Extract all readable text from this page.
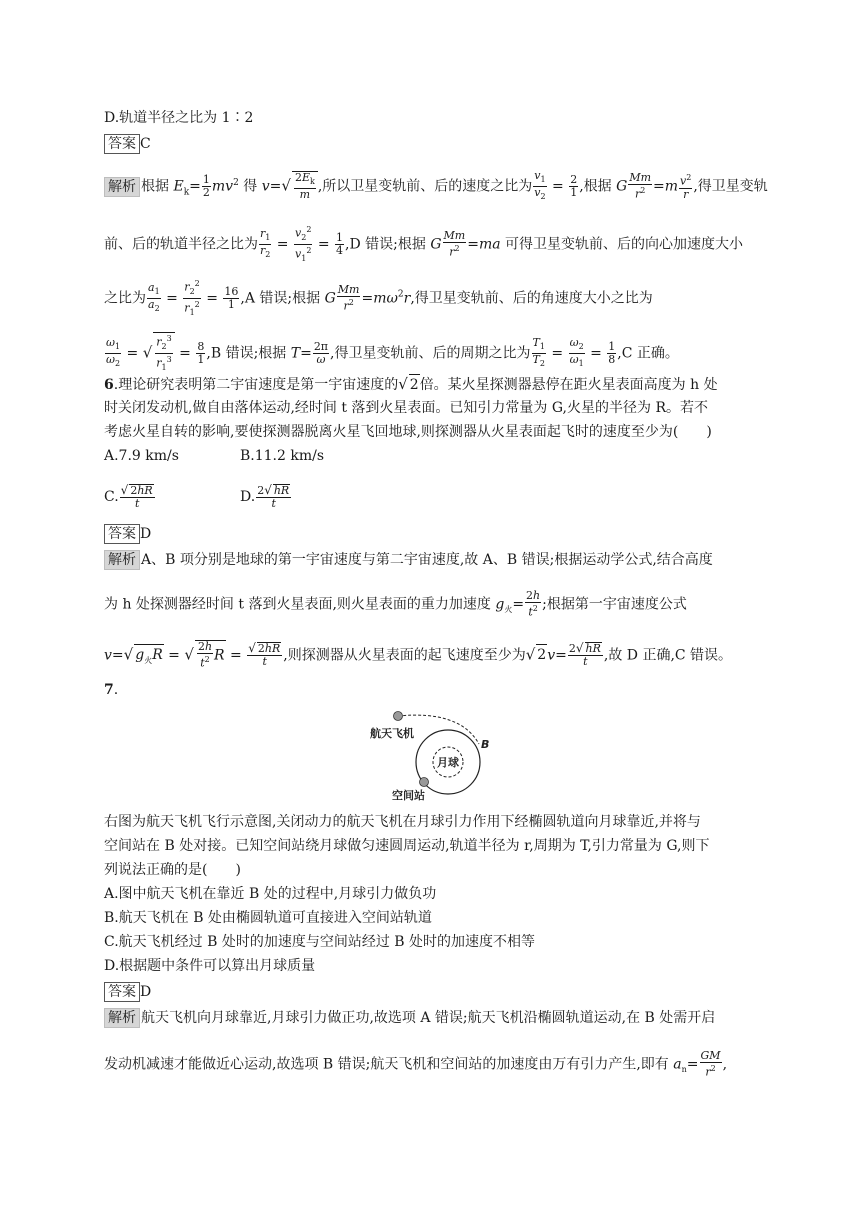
D.轨道半径之比为 1∶2
答案 C
解析 根据 $E_k= \frac{1}{2} mv^2$ 得 $v=√ \frac{2E_k}{m}$ ,所以卫星变轨前、后的速度之比为 $\frac{v_1}{v_2} = \frac{2}{1}$ ,根据 G $\frac{Mm}{r^2} =m \frac{v^2}{r}$ ,得卫星变轨
前、后的轨道半径之比为 $\frac{r_1}{r_2} = \frac{v_2^2}{v_1^2} = \frac{1}{4} ,D$ 错误;根据 G $\frac{Mm}{r^2} =ma$ 可得卫星变轨前、后的向心加速度大小
之比为 $\frac{a_1}{a_2} = \frac{r_2^2}{r_1^2} = \frac{16}{1} ,A$ 错误;根据 G $\frac{Mm}{r^2} =m\omega^2r$,得卫星变轨前、后的角速度大小之比为
$\frac{\omega_1}{\omega_2}$ = √ $\frac{r_2^3}{r_1^3} = \frac{8}{1} ,B$ 错误;根据 $T= \frac{2\pi}{\omega}$ ,得卫星变轨前、后的周期之比为 $\frac{T_1}{T_2} = \frac{\omega_2}{\omega_1} = \frac{1}{8} ,C$ 正确。
6.理论研究表明第二宇宙速度是第一宇宙速度的√ 2倍。某火星探测器悬停在距火星表面高度为 h 处
时关闭发动机,做自由落体运动,经时间 t 落到火星表面。已知引力常量为 G,火星的半径为 R。若不
考虑火星自转的影响,要使探测器脱离火星飞回地球,则探测器从火星表面起飞时的速度至少为(　　)
A.7.9 km/s	B.11.2 km/s
C. $\frac{√ 2hR}{t}$	D. $\frac{2√ hR}{t}$
答案 D
解析 A、B 项分别是地球的第一宇宙速度与第二宇宙速度,故 A、B 错误;根据运动学公式,结合高度
为 h 处探测器经时间 t 落到火星表面,则火星表面的重力加速度 $g_火= \frac{2h}{t^2}$ ;根据第一宇宙速度公式
v=√ $g_火R$ = √ $\frac{2h}{t^2}$ $R = \frac{√ 2hR}{t}$ ,则探测器从火星表面的起飞速度至少为√ $2v= \frac{2√ hR}{t}$ ,故 D 正确,C 错误。
7.
航天飞机
月球
B
空间站
右图为航天飞机飞行示意图,关闭动力的航天飞机在月球引力作用下经椭圆轨道向月球靠近,并将与
空间站在 B 处对接。已知空间站绕月球做匀速圆周运动,轨道半径为 r,周期为 T,引力常量为 G,则下
列说法正确的是(　　)
A.图中航天飞机在靠近 B 处的过程中,月球引力做负功
B.航天飞机在 B 处由椭圆轨道可直接进入空间站轨道
C.航天飞机经过 B 处时的加速度与空间站经过 B 处时的加速度不相等
D.根据题中条件可以算出月球质量
答案 D
解析 航天飞机向月球靠近,月球引力做正功,故选项 A 错误;航天飞机沿椭圆轨道运动,在 B 处需开启
发动机减速才能做近心运动,故选项 B 错误;航天飞机和空间站的加速度由万有引力产生,即有 $a_n= \frac{GM}{r^2}$ ,
